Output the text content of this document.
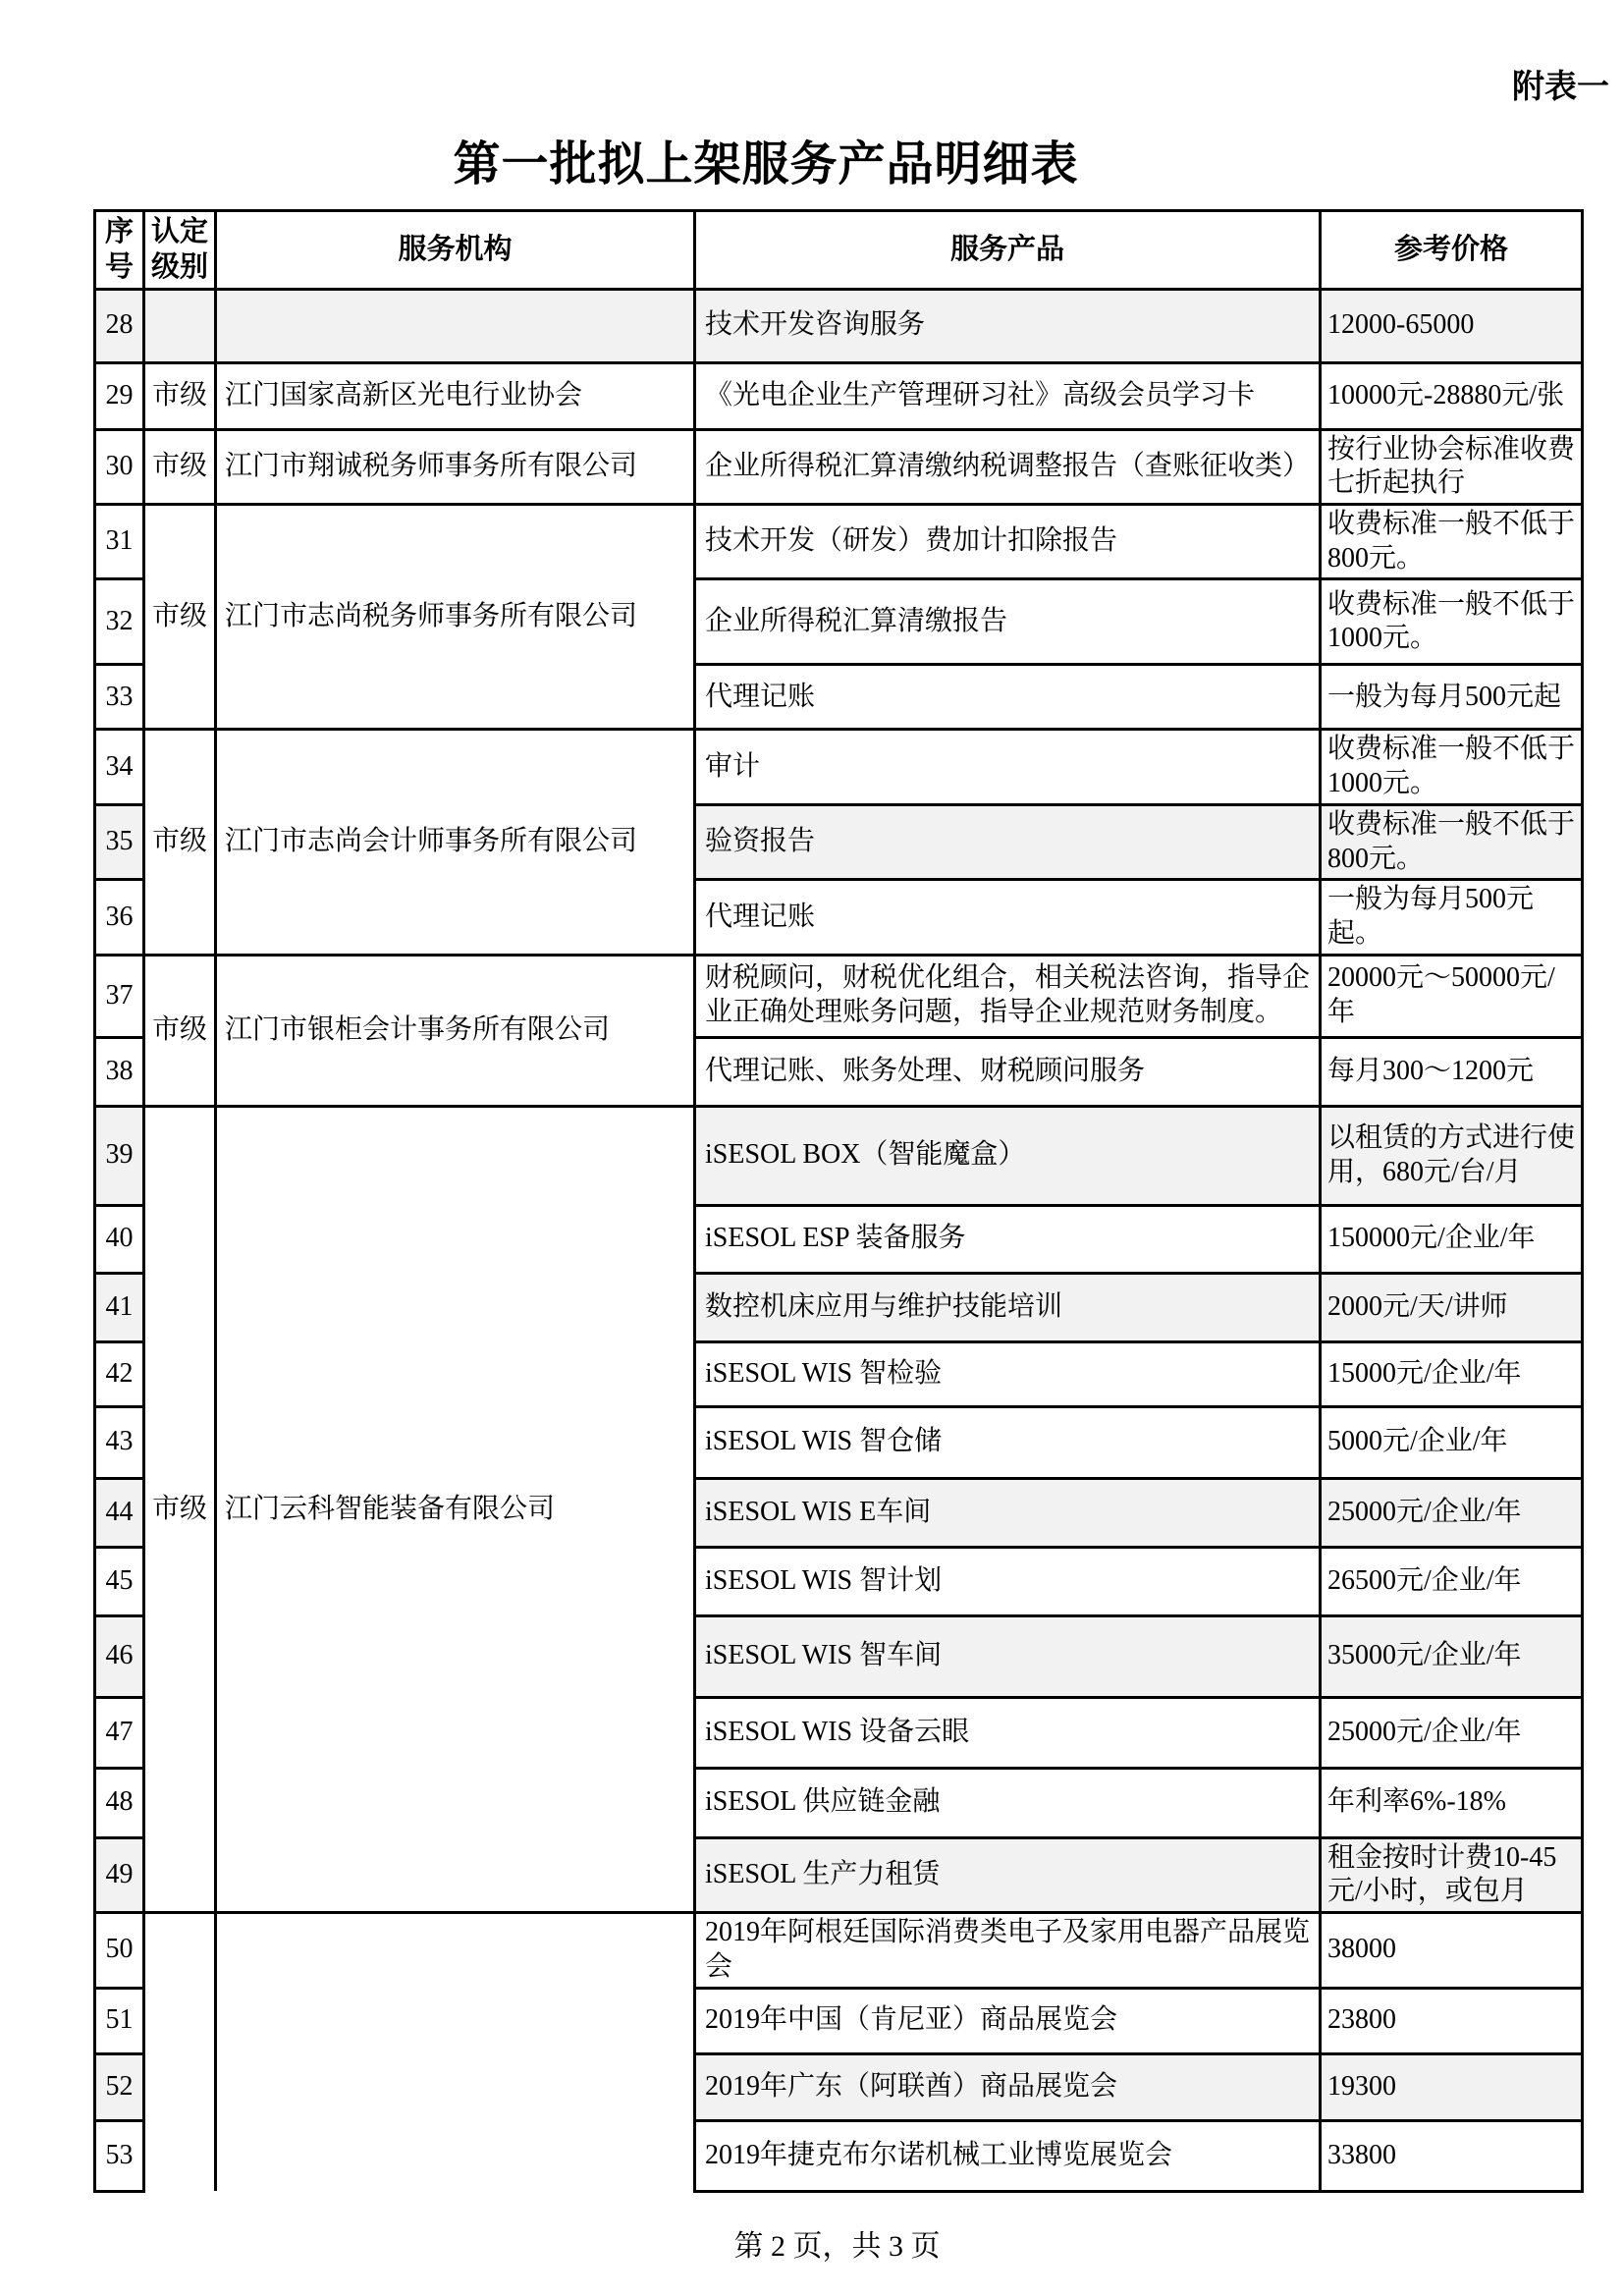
附表一
第一批拟上架服务产品明细表
序号	认定级别	服务机构	服务产品	参考价格
28			技术开发咨询服务	12000-65000
29	市级	江门国家高新区光电行业协会	《光电企业生产管理研习社》高级会员学习卡	10000元-28880元/张
30	市级	江门市翔诚税务师事务所有限公司	企业所得税汇算清缴纳税调整报告（查账征收类）	按行业协会标准收费七折起执行
31	市级	江门市志尚税务师事务所有限公司	技术开发（研发）费加计扣除报告	收费标准一般不低于800元。
32			企业所得税汇算清缴报告	收费标准一般不低于1000元。
33			代理记账	一般为每月500元起
34	市级	江门市志尚会计师事务所有限公司	审计	收费标准一般不低于1000元。
35			验资报告	收费标准一般不低于800元。
36			代理记账	一般为每月500元起。
37	市级	江门市银柜会计事务所有限公司	财税顾问，财税优化组合，相关税法咨询，指导企业正确处理账务问题，指导企业规范财务制度。	20000元～50000元/年
38			代理记账、账务处理、财税顾问服务	每月300～1200元
39	市级	江门云科智能装备有限公司	iSESOL BOX（智能魔盒）	以租赁的方式进行使用，680元/台/月
40			iSESOL ESP 装备服务	150000元/企业/年
41			数控机床应用与维护技能培训	2000元/天/讲师
42			iSESOL WIS 智检验	15000元/企业/年
43			iSESOL WIS 智仓储	5000元/企业/年
44			iSESOL WIS E车间	25000元/企业/年
45			iSESOL WIS 智计划	26500元/企业/年
46			iSESOL WIS 智车间	35000元/企业/年
47			iSESOL WIS 设备云眼	25000元/企业/年
48			iSESOL 供应链金融	年利率6%-18%
49			iSESOL 生产力租赁	租金按时计费10-45元/小时，或包月
50			2019年阿根廷国际消费类电子及家用电器产品展览会	38000
51			2019年中国（肯尼亚）商品展览会	23800
52			2019年广东（阿联酋）商品展览会	19300
53			2019年捷克布尔诺机械工业博览展览会	33800
第 2 页，共 3 页
